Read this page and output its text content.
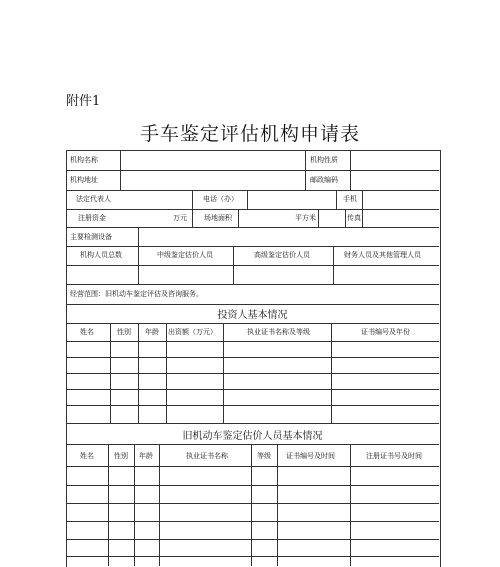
附件1
手车鉴定评估机构申请表
机构名称	机构性质
机构地址	邮政编码
法定代表人	电话（办）	手机
注册资金	万元 场地面积	平方米	传真
主要检测设备
机构人员总数	中级鉴定估价人员	高级鉴定估价人员	财务人员及其他管理人员
经营范围：旧机动车鉴定评估及咨询服务。
投资人基本情况
姓名	性别 年龄 出资额（万元）	执业证书名称及等级	证书编号及年份
旧机动车鉴定估价人员基本情况
姓名	性别 年龄	执业证书名称	等级 证书编号及时间	注册证书号及时间
